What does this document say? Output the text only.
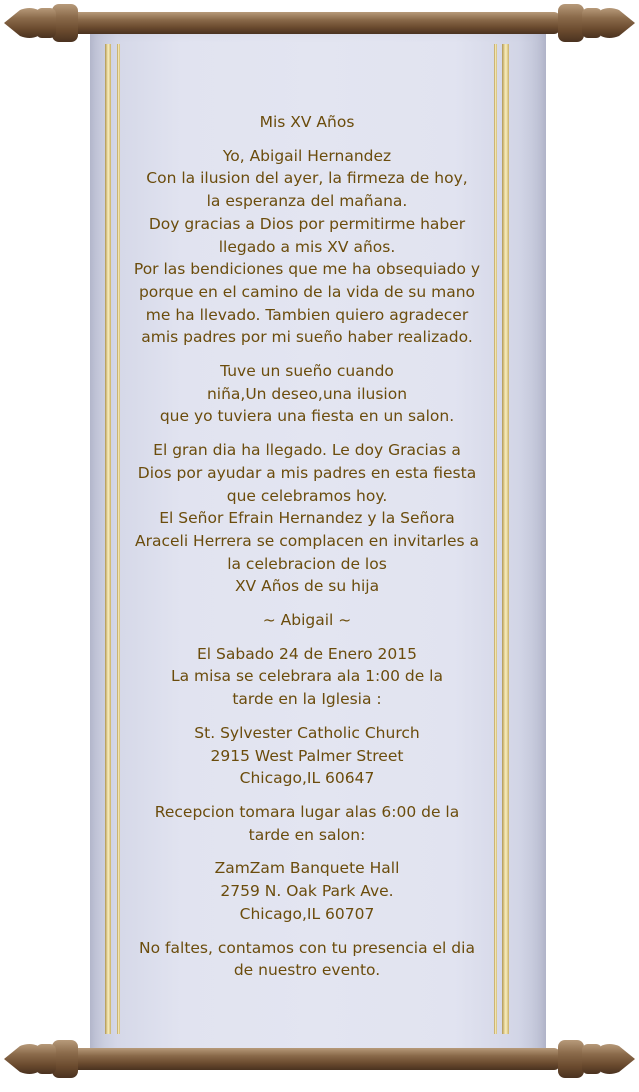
Mis XV Años

Yo, Abigail Hernandez
Con la ilusion del ayer, la firmeza de hoy,
la esperanza del mañana.
Doy gracias a Dios por permitirme haber
llegado a mis XV años.
Por las bendiciones que me ha obsequiado y
porque en el camino de la vida de su mano
me ha llevado. Tambien quiero agradecer
amis padres por mi sueño haber realizado.

Tuve un sueño cuando
niña,Un deseo,una ilusion
que yo tuviera una fiesta en un salon.

El gran dia ha llegado. Le doy Gracias a
Dios por ayudar a mis padres en esta fiesta
que celebramos hoy.
El Señor Efrain Hernandez y la Señora
Araceli Herrera se complacen en invitarles a
la celebracion de los
XV Años de su hija

~ Abigail ~

El Sabado 24 de Enero 2015
La misa se celebrara ala 1:00 de la
tarde en la Iglesia :

St. Sylvester Catholic Church
2915 West Palmer Street
Chicago,IL 60647

Recepcion tomara lugar alas 6:00 de la
tarde en salon:

ZamZam Banquete Hall
2759 N. Oak Park Ave.
Chicago,IL 60707

No faltes, contamos con tu presencia el dia
de nuestro evento.
